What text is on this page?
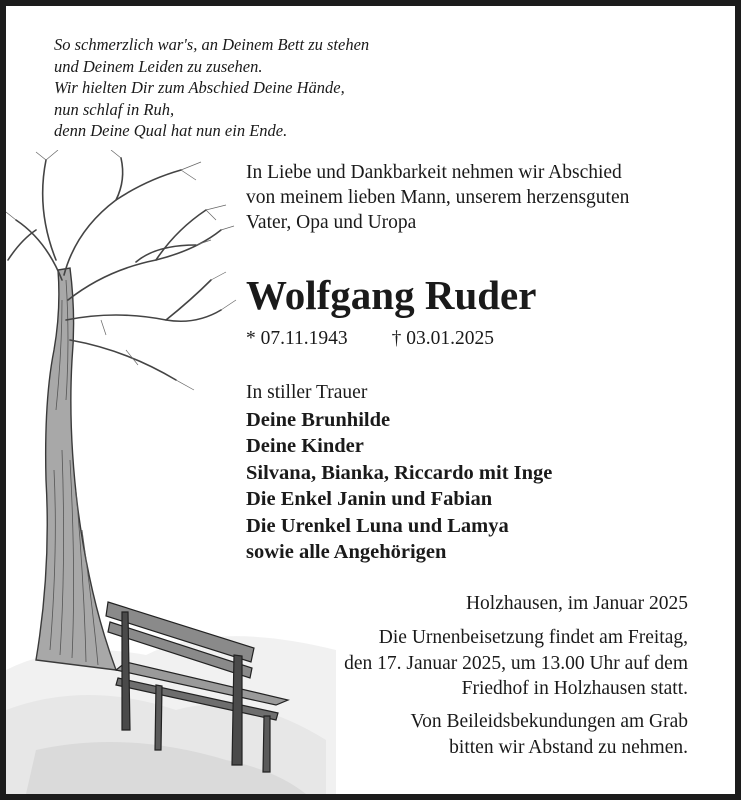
So schmerzlich war's, an Deinem Bett zu stehen
und Deinem Leiden zu zusehen.
Wir hielten Dir zum Abschied Deine Hände,
nun schlaf in Ruh,
denn Deine Qual hat nun ein Ende.
In Liebe und Dankbarkeit nehmen wir Abschied
von meinem lieben Mann, unserem herzensguten
Vater, Opa und Uropa
Wolfgang Ruder
* 07.11.1943 † 03.01.2025
In stiller Trauer
Deine Brunhilde
Deine Kinder
Silvana, Bianka, Riccardo mit Inge
Die Enkel Janin und Fabian
Die Urenkel Luna und Lamya
sowie alle Angehörigen
Holzhausen, im Januar 2025
Die Urnenbeisetzung findet am Freitag,
den 17. Januar 2025, um 13.00 Uhr auf dem
Friedhof in Holzhausen statt.
Von Beileidsbekundungen am Grab
bitten wir Abstand zu nehmen.
